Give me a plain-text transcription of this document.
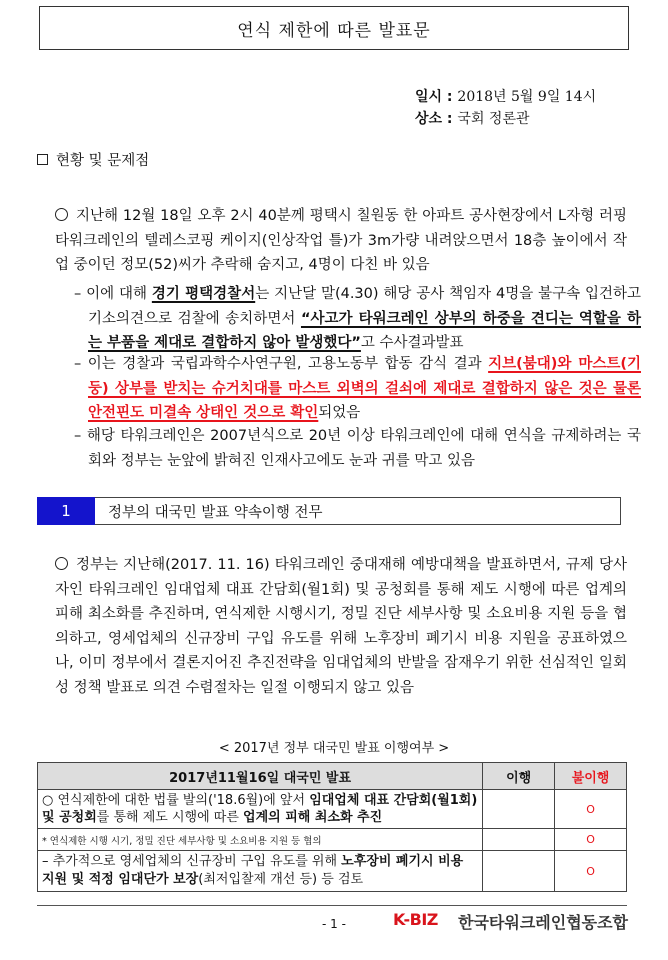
연식 제한에 따른 발표문
일시 : 2018년 5월 9일 14시
상소 : 국회 정론관
현황 및 문제점
지난해 12월 18일 오후 2시 40분께 평택시 칠원동 한 아파트 공사현장에서 L자형 러핑 타워크레인의 텔레스코핑 케이지(인상작업 틀)가 3m가량 내려앉으면서 18층 높이에서 작업 중이던 정모(52)씨가 추락해 숨지고, 4명이 다친 바 있음
– 이에 대해 경기 평택경찰서는 지난달 말(4.30) 해당 공사 책임자 4명을 불구속 입건하고 기소의견으로 검찰에 송치하면서 “사고가 타워크레인 상부의 하중을 견디는 역할을 하는 부품을 제대로 결합하지 않아 발생했다”고 수사결과발표
– 이는 경찰과 국립과학수사연구원, 고용노동부 합동 감식 결과 지브(붐대)와 마스트(기둥) 상부를 받치는 슈거치대를 마스트 외벽의 걸쇠에 제대로 결합하지 않은 것은 물론 안전핀도 미결속 상태인 것으로 확인되었음
– 해당 타워크레인은 2007년식으로 20년 이상 타워크레인에 대해 연식을 규제하려는 국회와 정부는 눈앞에 밝혀진 인재사고에도 눈과 귀를 막고 있음
1	정부의 대국민 발표 약속이행 전무
정부는 지난해(2017. 11. 16) 타워크레인 중대재해 예방대책을 발표하면서, 규제 당사자인 타워크레인 임대업체 대표 간담회(월1회) 및 공청회를 통해 제도 시행에 따른 업계의 피해 최소화를 추진하며, 연식제한 시행시기, 정밀 진단 세부사항 및 소요비용 지원 등을 협의하고, 영세업체의 신규장비 구입 유도를 위해 노후장비 폐기시 비용 지원을 공표하였으나, 이미 정부에서 결론지어진 추진전략을 임대업체의 반발을 잠재우기 위한 선심적인 일회성 정책 발표로 의견 수렴절차는 일절 이행되지 않고 있음
< 2017년 정부 대국민 발표 이행여부 >
2017년11월16일 대국민 발표	이행	불이행
○ 연식제한에 대한 법률 발의('18.6월)에 앞서 임대업체 대표 간담회(월1회) 및 공청회를 통해 제도 시행에 따른 업계의 피해 최소화 추진		O
* 연식제한 시행 시기, 정밀 진단 세부사항 및 소요비용 지원 등 협의		O
– 추가적으로 영세업체의 신규장비 구입 유도를 위해 노후장비 폐기시 비용 지원 및 적정 임대단가 보장(최저입찰제 개선 등) 등 검토		O
- 1 -	K-BIZ 한국타워크레인협동조합
